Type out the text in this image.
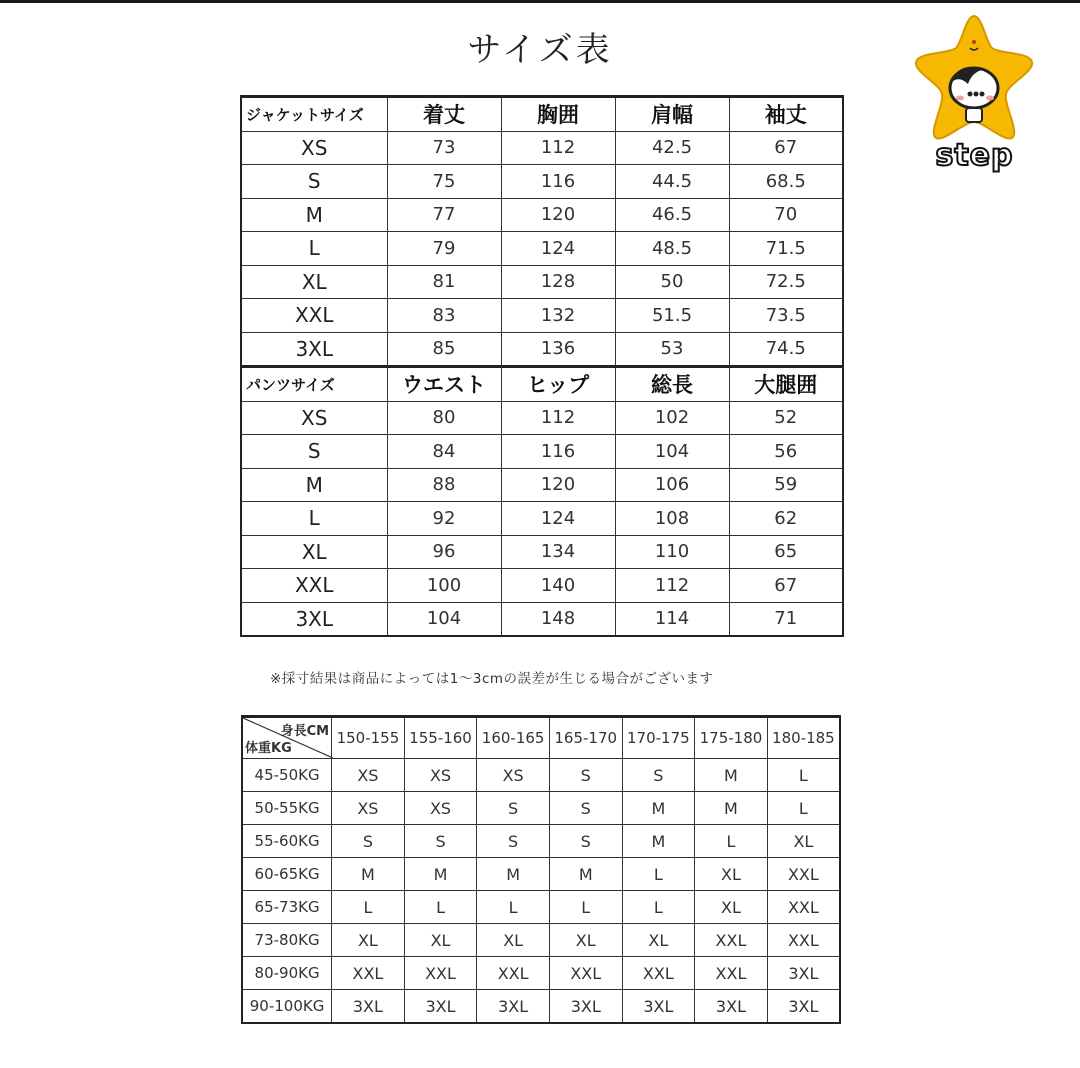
サイズ表
step
ジャケットサイズ	着丈	胸囲	肩幅	袖丈
XS	73	112	42.5	67
S	75	116	44.5	68.5
M	77	120	46.5	70
L	79	124	48.5	71.5
XL	81	128	50	72.5
XXL	83	132	51.5	73.5
3XL	85	136	53	74.5
パンツサイズ	ウエスト	ヒップ	総長	大腿囲
XS	80	112	102	52
S	84	116	104	56
M	88	120	106	59
L	92	124	108	62
XL	96	134	110	65
XXL	100	140	112	67
3XL	104	148	114	71
※採寸結果は商品によっては1～3cmの誤差が生じる場合がございます
身長CM
体重KG	150-155	155-160	160-165	165-170	170-175	175-180	180-185
45-50KG	XS	XS	XS	S	S	M	L
50-55KG	XS	XS	S	S	M	M	L
55-60KG	S	S	S	S	M	L	XL
60-65KG	M	M	M	M	L	XL	XXL
65-73KG	L	L	L	L	L	XL	XXL
73-80KG	XL	XL	XL	XL	XL	XXL	XXL
80-90KG	XXL	XXL	XXL	XXL	XXL	XXL	3XL
90-100KG	3XL	3XL	3XL	3XL	3XL	3XL	3XL
